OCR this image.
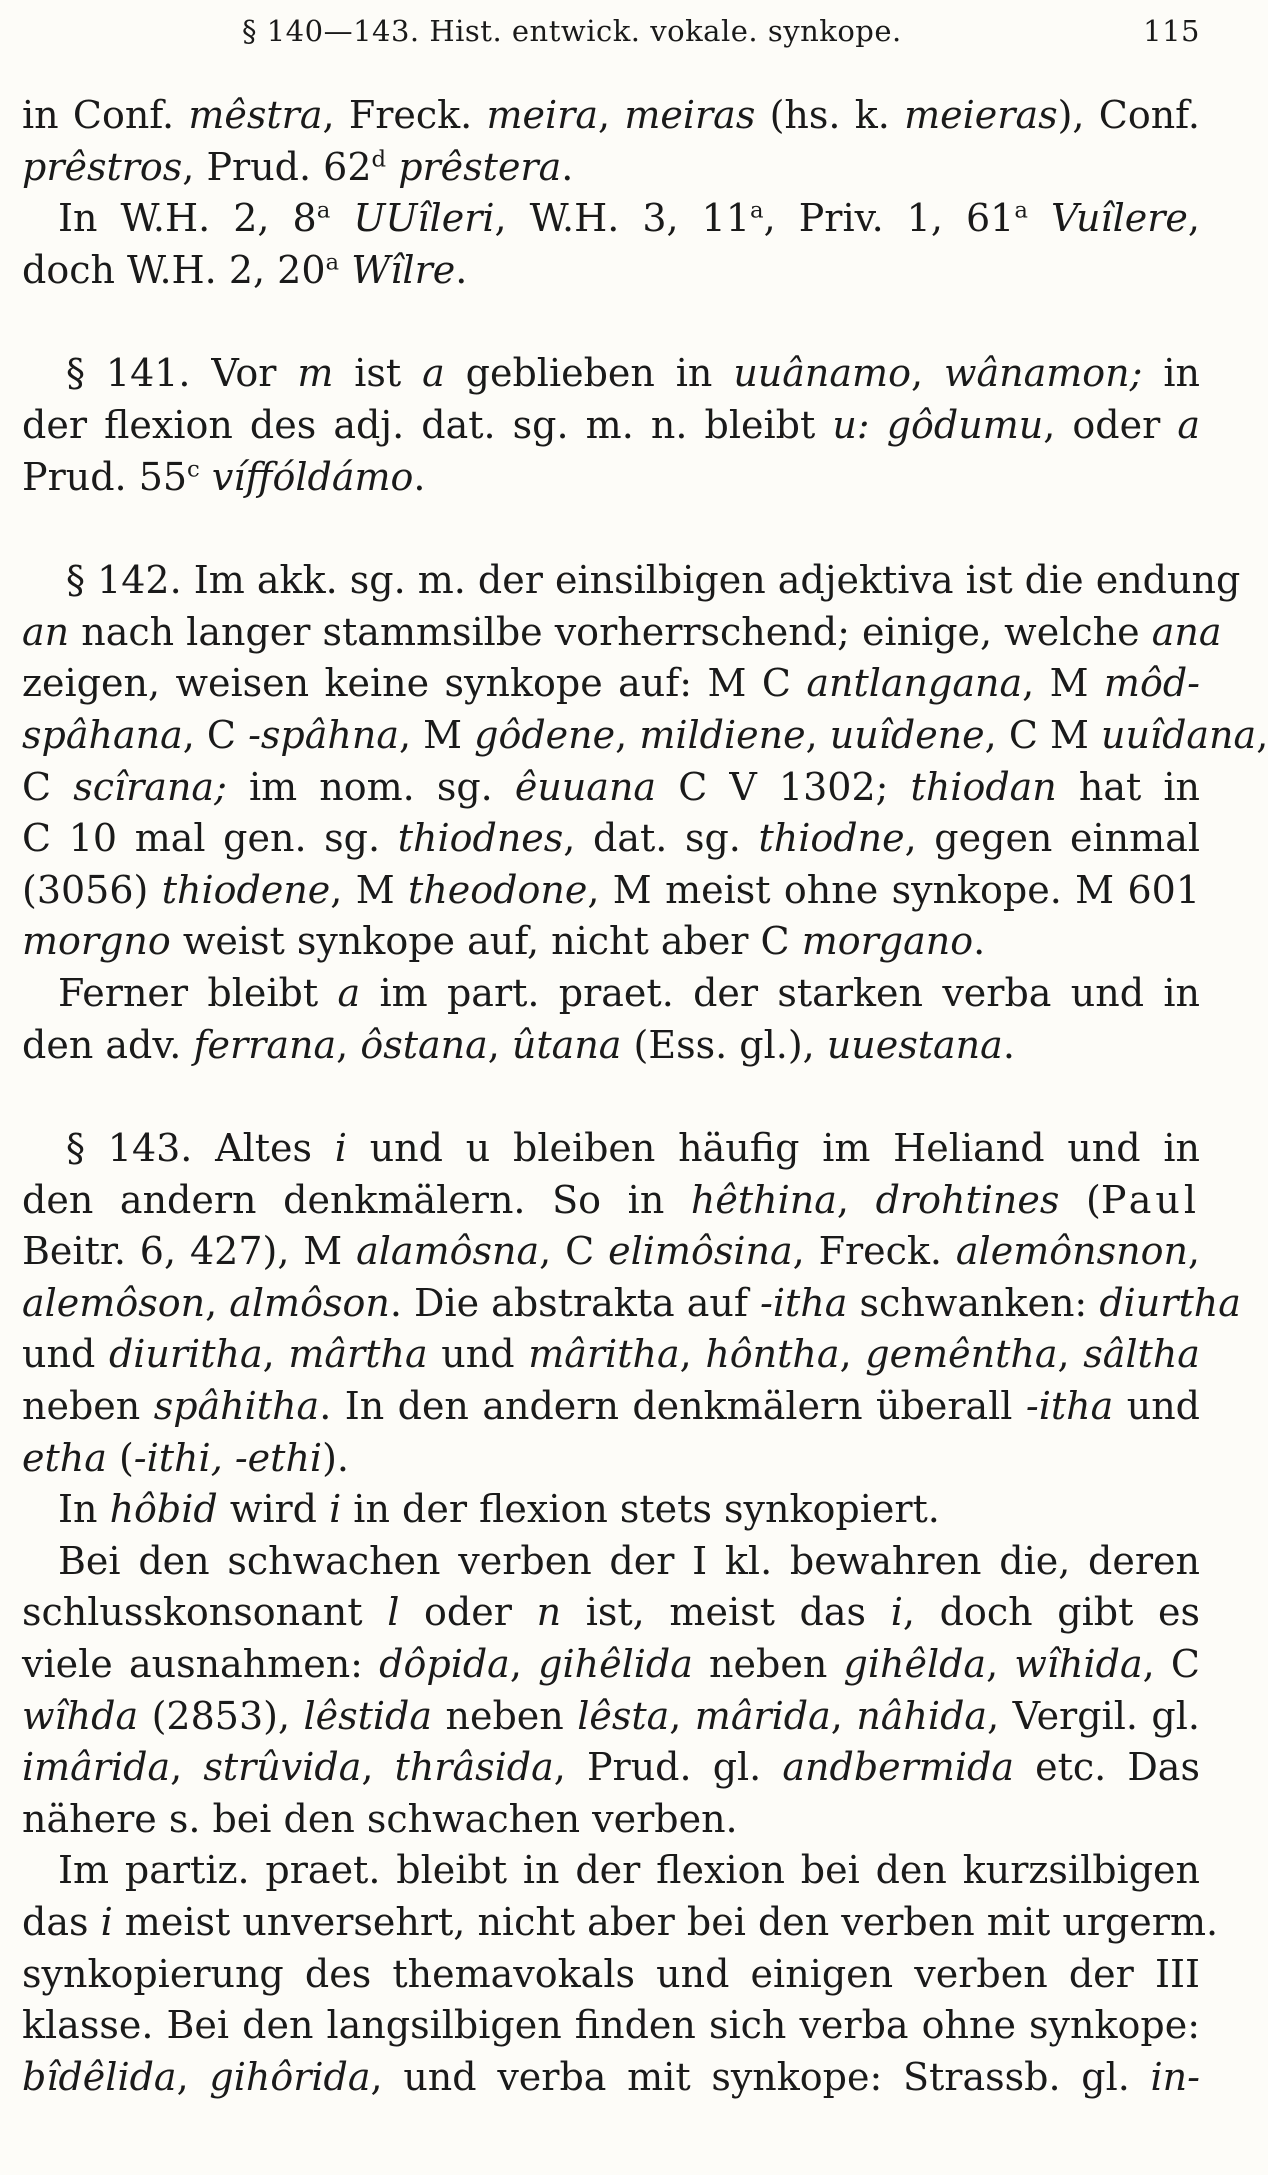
§ 140—143. Hist. entwick. vokale. synkope.	115
in Conf. mêstra, Freck. meira, meiras (hs. k. meieras), Conf.
prêstros, Prud. 62$^d$ prêstera.
In W.H. 2, 8$^a$ UUîleri, W.H. 3, 11$^a$, Priv. 1, 61$^a$ Vuîlere,
doch W.H. 2, 20$^a$ Wîlre.
§ 141. Vor m ist a geblieben in uuânamo, wânamon; in
der flexion des adj. dat. sg. m. n. bleibt u: gôdumu, oder a
Prud. 55$^c$ víffóldámo.
§ 142. Im akk. sg. m. der einsilbigen adjektiva ist die endung
an nach langer stammsilbe vorherrschend; einige, welche ana
zeigen, weisen keine synkope auf: M C antlangana, M môd-
spâhana, C -spâhna, M gôdene, mildiene, uuîdene, C M uuîdana,
C scîrana; im nom. sg. êuuana C V 1302; thiodan hat in
C 10 mal gen. sg. thiodnes, dat. sg. thiodne, gegen einmal
(3056) thiodene, M theodone, M meist ohne synkope. M 601
morgno weist synkope auf, nicht aber C morgano.
Ferner bleibt a im part. praet. der starken verba und in
den adv. ferrana, ôstana, ûtana (Ess. gl.), uuestana.
§ 143. Altes i und u bleiben häufig im Heliand und in
den andern denkmälern. So in hêthina, drohtines (Paul
Beitr. 6, 427), M alamôsna, C elimôsina, Freck. alemônsnon,
alemôson, almôson. Die abstrakta auf -itha schwanken: diurtha
und diuritha, mârtha und mâritha, hôntha, gemêntha, sâltha
neben spâhitha. In den andern denkmälern überall -itha und
etha (-ithi, -ethi).
In hôbid wird i in der flexion stets synkopiert.
Bei den schwachen verben der I kl. bewahren die, deren
schlusskonsonant l oder n ist, meist das i, doch gibt es
viele ausnahmen: dôpida, gihêlida neben gihêlda, wîhida, C
wîhda (2853), lêstida neben lêsta, mârida, nâhida, Vergil. gl.
imârida, strûvida, thrâsida, Prud. gl. andbermida etc. Das
nähere s. bei den schwachen verben.
Im partiz. praet. bleibt in der flexion bei den kurzsilbigen
das i meist unversehrt, nicht aber bei den verben mit urgerm.
synkopierung des themavokals und einigen verben der III
klasse. Bei den langsilbigen finden sich verba ohne synkope:
bîdêlida, gihôrida, und verba mit synkope: Strassb. gl. in-
